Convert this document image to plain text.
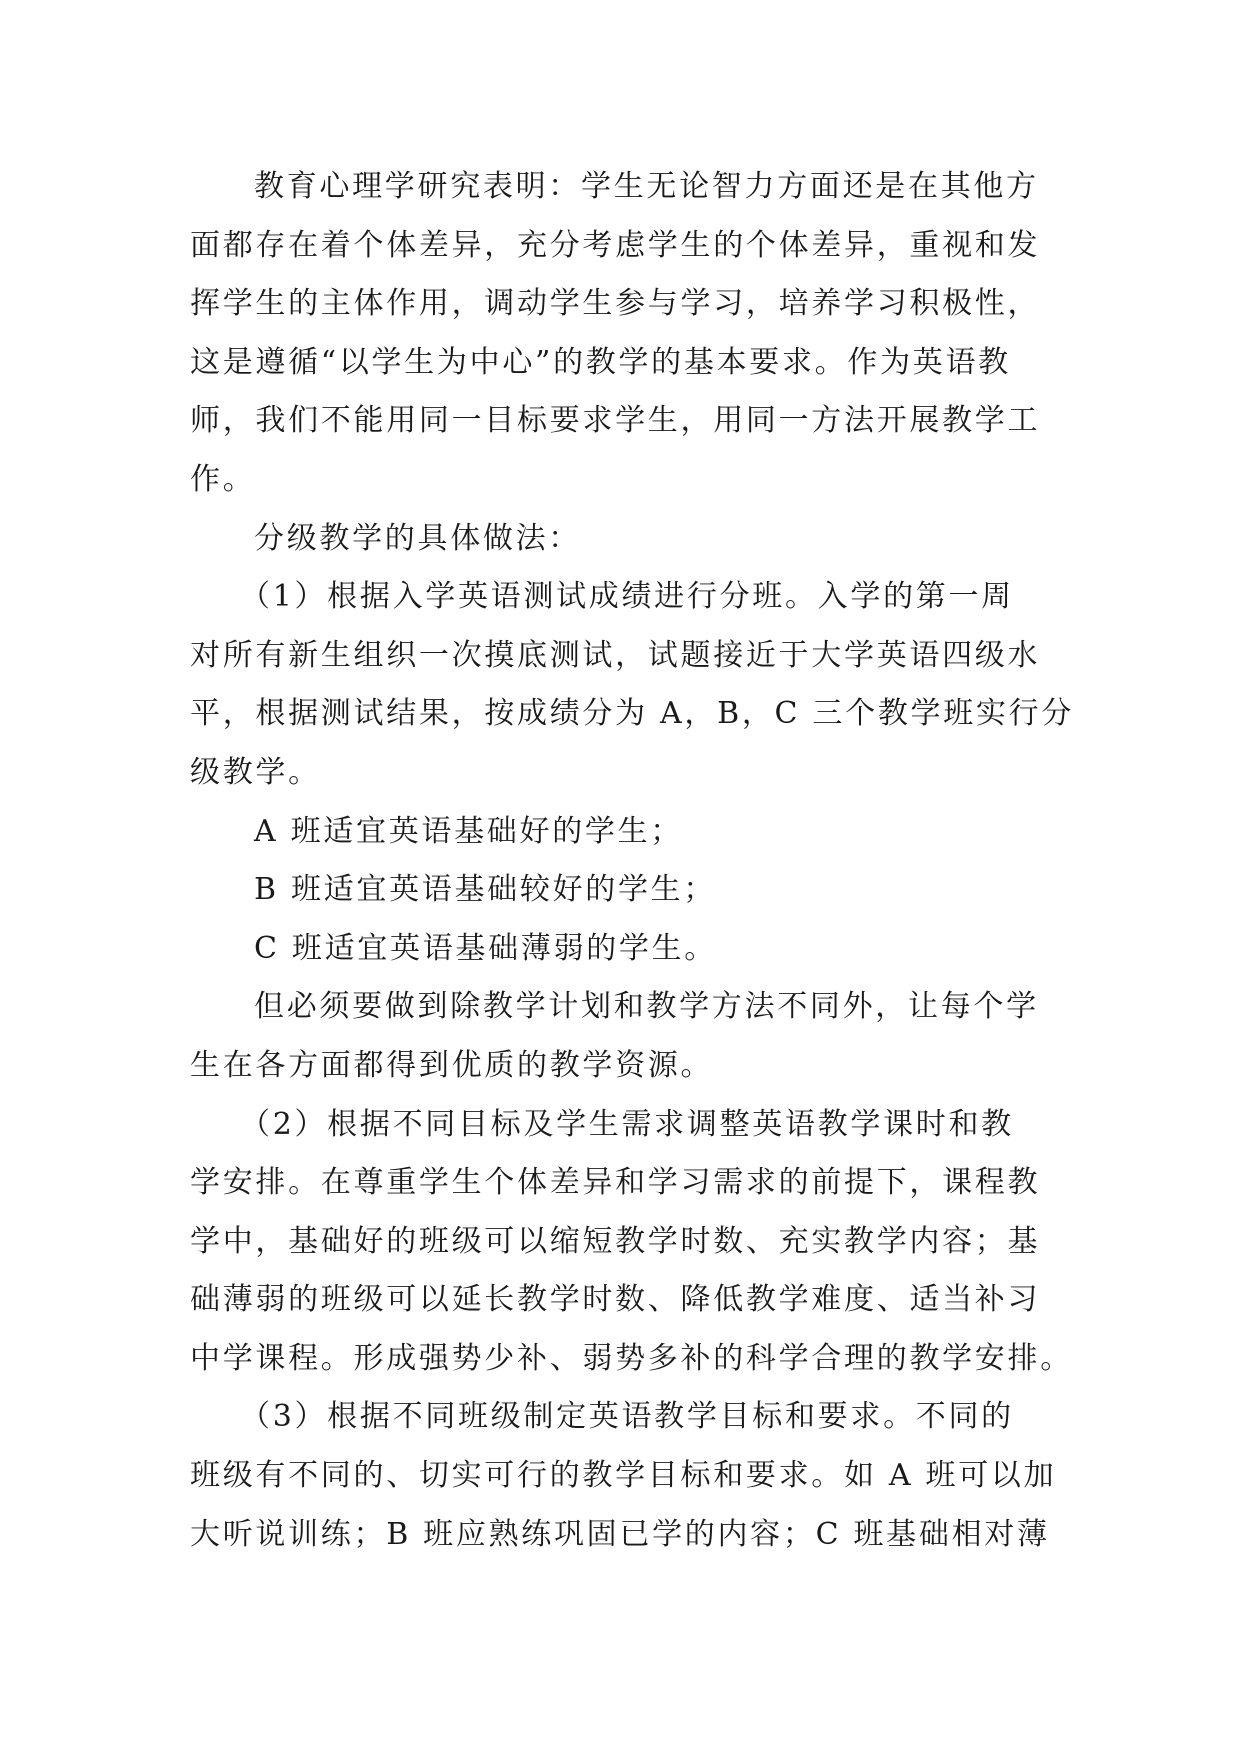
教育心理学研究表明：学生无论智力方面还是在其他方
面都存在着个体差异，充分考虑学生的个体差异，重视和发
挥学生的主体作用，调动学生参与学习，培养学习积极性，
这是遵循“以学生为中心”的教学的基本要求。作为英语教
师，我们不能用同一目标要求学生，用同一方法开展教学工
作。
分级教学的具体做法：
（1）根据入学英语测试成绩进行分班。入学的第一周
对所有新生组织一次摸底测试，试题接近于大学英语四级水
平，根据测试结果，按成绩分为 A，B，C 三个教学班实行分
级教学。
A 班适宜英语基础好的学生；
B 班适宜英语基础较好的学生；
C 班适宜英语基础薄弱的学生。
但必须要做到除教学计划和教学方法不同外，让每个学
生在各方面都得到优质的教学资源。
（2）根据不同目标及学生需求调整英语教学课时和教
学安排。在尊重学生个体差异和学习需求的前提下，课程教
学中，基础好的班级可以缩短教学时数、充实教学内容；基
础薄弱的班级可以延长教学时数、降低教学难度、适当补习
中学课程。形成强势少补、弱势多补的科学合理的教学安排。
（3）根据不同班级制定英语教学目标和要求。不同的
班级有不同的、切实可行的教学目标和要求。如 A 班可以加
大听说训练；B 班应熟练巩固已学的内容；C 班基础相对薄
